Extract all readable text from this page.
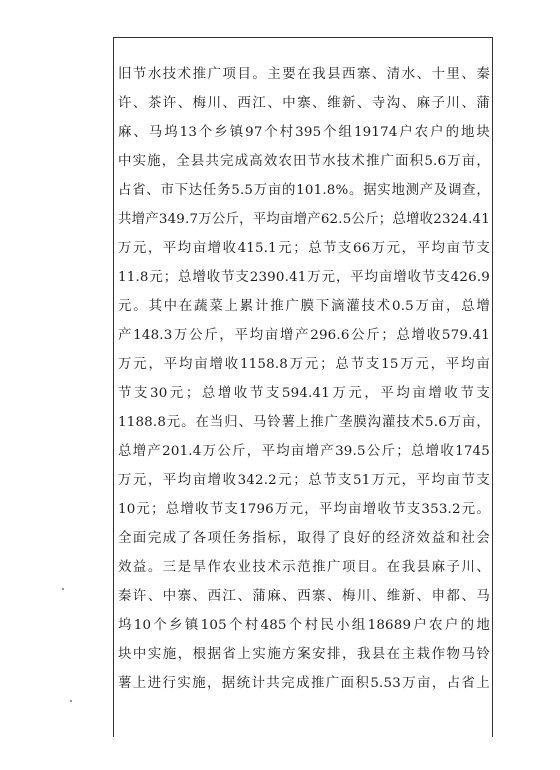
旧节水技术推广项目。主要在我县西寨、清水、十里、秦
许、茶许、梅川、西江、中寨、维新、寺沟、麻子川、蒲
麻、马坞13个乡镇97个村395个组19174户农户的地块
中实施，全县共完成高效农田节水技术推广面积5.6万亩，
占省、市下达任务5.5万亩的101.8%。据实地测产及调查，
共增产349.7万公斤，平均亩增产62.5公斤；总增收2324.41
万元，平均亩增收415.1元；总节支66万元，平均亩节支
11.8元；总增收节支2390.41万元，平均亩增收节支426.9
元。其中在蔬菜上累计推广膜下滴灌技术0.5万亩，总增
产148.3万公斤，平均亩增产296.6公斤；总增收579.41
万元，平均亩增收1158.8万元；总节支15万元，平均亩
节支30元；总增收节支594.41万元，平均亩增收节支
1188.8元。在当归、马铃薯上推广垄膜沟灌技术5.6万亩，
总增产201.4万公斤，平均亩增产39.5公斤；总增收1745
万元，平均亩增收342.2元；总节支51万元，平均亩节支
10元；总增收节支1796万元，平均亩增收节支353.2元。
全面完成了各项任务指标，取得了良好的经济效益和社会
效益。三是旱作农业技术示范推广项目。在我县麻子川、
秦许、中寨、西江、蒲麻、西寨、梅川、维新、申都、马
坞10个乡镇105个村485个村民小组18689户农户的地
块中实施，根据省上实施方案安排，我县在主栽作物马铃
薯上进行实施，据统计共完成推广面积5.53万亩，占省上
